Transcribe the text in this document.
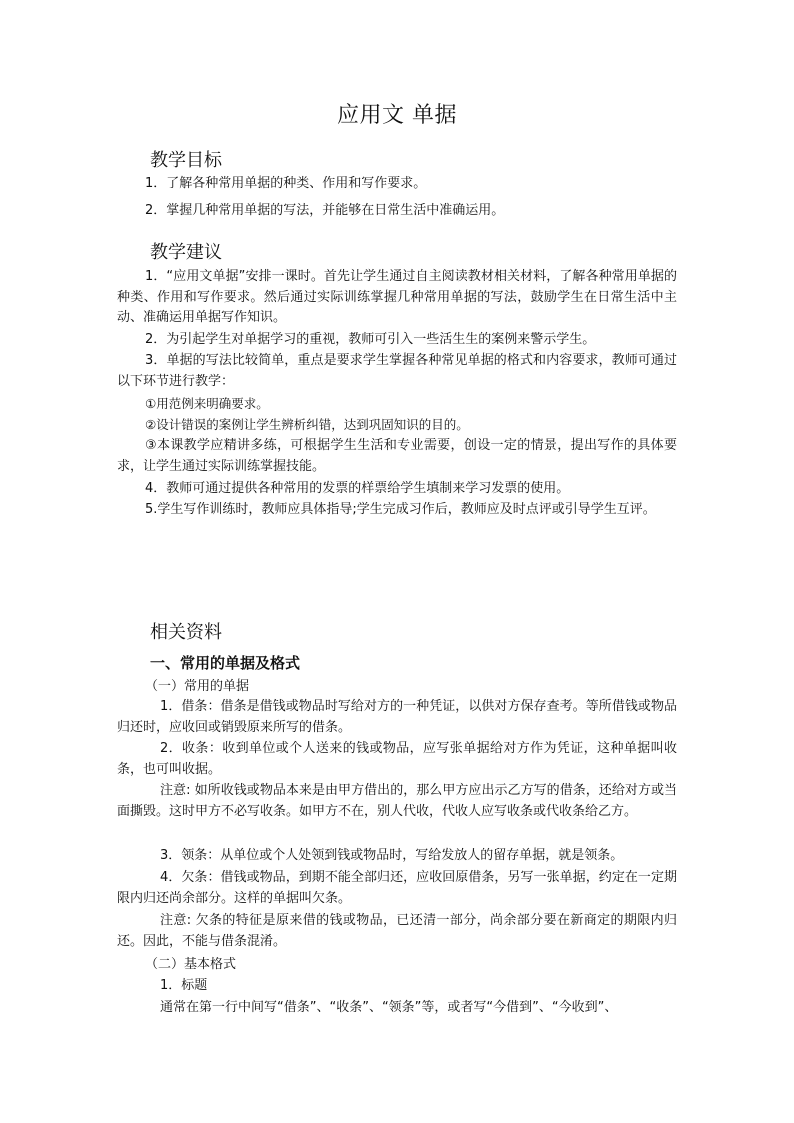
应用文 单据
教学目标
1．了解各种常用单据的种类、作用和写作要求。
2．掌握几种常用单据的写法，并能够在日常生活中准确运用。
教学建议
1．“应用文单据”安排一课时。首先让学生通过自主阅读教材相关材料，了解各种常用单据的种类、作用和写作要求。然后通过实际训练掌握几种常用单据的写法，鼓励学生在日常生活中主动、准确运用单据写作知识。
2．为引起学生对单据学习的重视，教师可引入一些活生生的案例来警示学生。
3．单据的写法比较简单，重点是要求学生掌握各种常见单据的格式和内容要求，教师可通过以下环节进行教学：
①用范例来明确要求。
②设计错误的案例让学生辨析纠错，达到巩固知识的目的。
③本课教学应精讲多练，可根据学生生活和专业需要，创设一定的情景，提出写作的具体要求，让学生通过实际训练掌握技能。
4．教师可通过提供各种常用的发票的样票给学生填制来学习发票的使用。
5.学生写作训练时，教师应具体指导;学生完成习作后，教师应及时点评或引导学生互评。
相关资料
一、常用的单据及格式
（一）常用的单据
1．借条：借条是借钱或物品时写给对方的一种凭证，以供对方保存查考。等所借钱或物品归还时，应收回或销毁原来所写的借条。
2．收条：收到单位或个人送来的钱或物品，应写张单据给对方作为凭证，这种单据叫收条，也可叫收据。
注意: 如所收钱或物品本来是由甲方借出的，那么甲方应出示乙方写的借条，还给对方或当面撕毁。这时甲方不必写收条。如甲方不在，别人代收，代收人应写收条或代收条给乙方。
3．领条：从单位或个人处领到钱或物品时，写给发放人的留存单据，就是领条。
4．欠条：借钱或物品，到期不能全部归还，应收回原借条，另写一张单据，约定在一定期限内归还尚余部分。这样的单据叫欠条。
注意: 欠条的特征是原来借的钱或物品，已还清一部分，尚余部分要在新商定的期限内归还。因此，不能与借条混淆。
（二）基本格式
1．标题
通常在第一行中间写“借条”、“收条”、“领条”等，或者写“今借到”、“今收到”、
